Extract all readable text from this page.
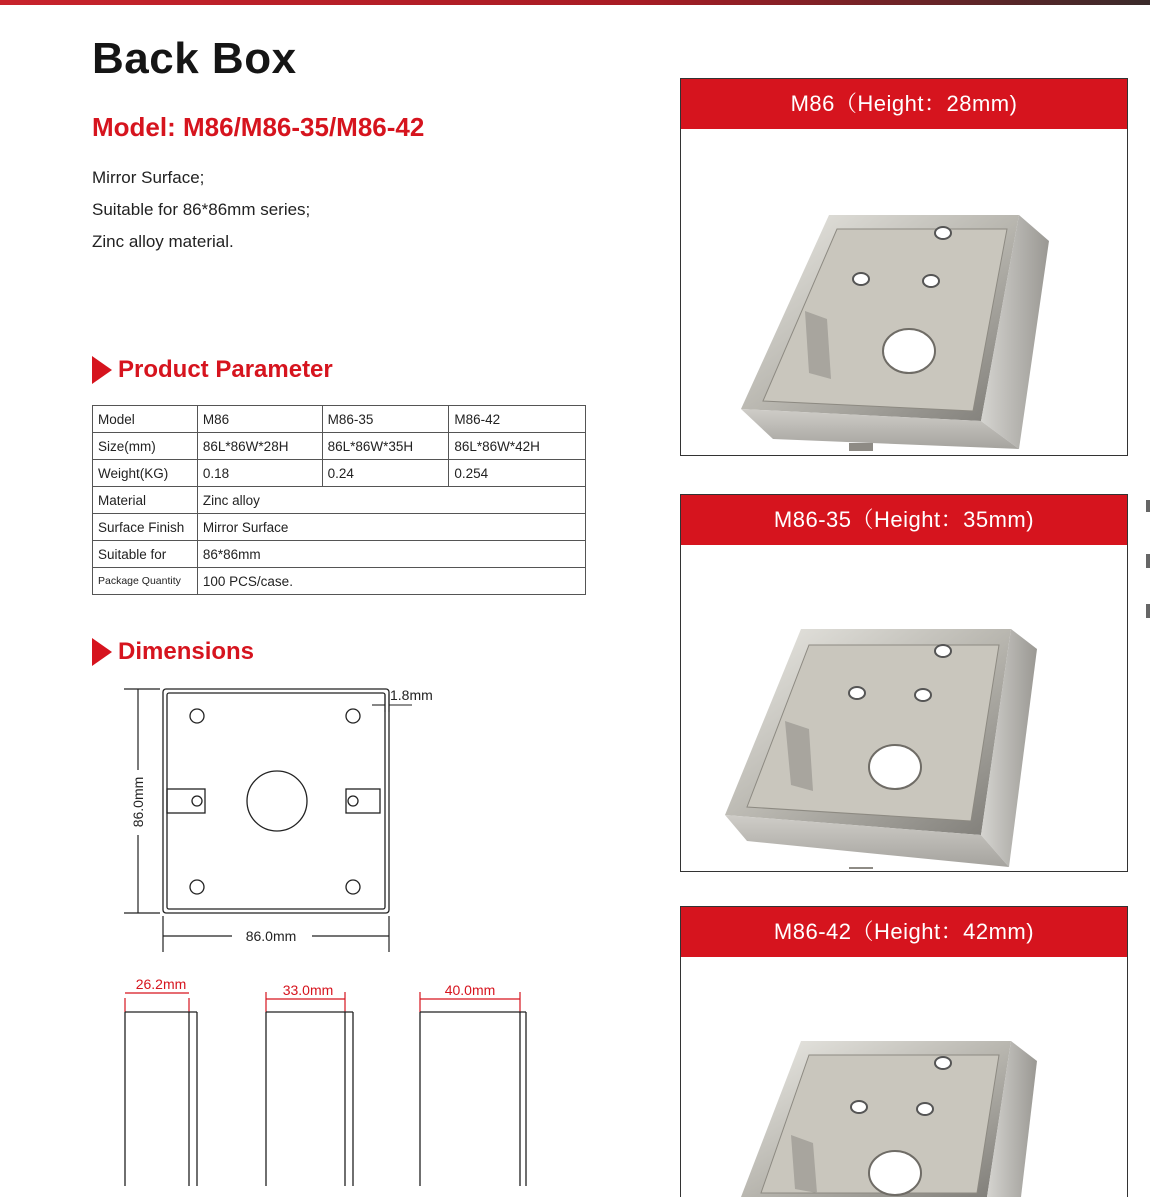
Back Box
Model: M86/M86-35/M86-42
Mirror Surface;
Suitable for 86*86mm series;
Zinc alloy material.
Product Parameter
Model	M86	M86-35	M86-42
Size(mm)	86L*86W*28H	86L*86W*35H	86L*86W*42H
Weight(KG)	0.18	0.24	0.254
Material	Zinc alloy		
Surface Finish	Mirror Surface		
Suitable for	86*86mm		
Package Quantity	100 PCS/case.		
Dimensions
86.0mm
86.0mm
1.8mm
26.2mm	33.0mm	40.0mm
M86（Height：28mm)
M86-35（Height：35mm)
M86-42（Height：42mm)
